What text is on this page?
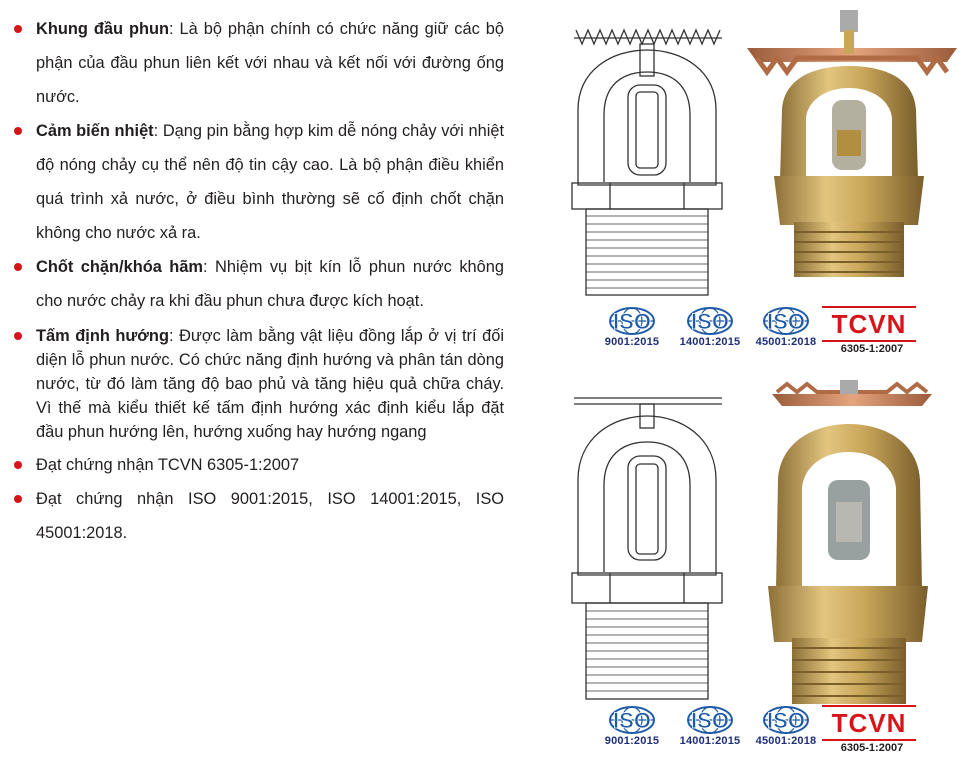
Khung đầu phun: Là bộ phận chính có chức năng giữ các bộ phận của đầu phun liên kết với nhau và kết nối với đường ống nước.
Cảm biến nhiệt: Dạng pin bằng hợp kim dễ nóng chảy với nhiệt độ nóng chảy cụ thể nên độ tin cậy cao. Là bộ phận điều khiển quá trình xả nước, ở điều bình thường sẽ cố định chốt chặn không cho nước xả ra.
Chốt chặn/khóa hãm: Nhiệm vụ bịt kín lỗ phun nước không cho nước chảy ra khi đầu phun chưa được kích hoạt.
Tấm định hướng: Được làm bằng vật liệu đồng lắp ở vị trí đối diện lỗ phun nước. Có chức năng định hướng và phân tán dòng nước, từ đó làm tăng độ bao phủ và tăng hiệu quả chữa cháy. Vì thế mà kiểu thiết kế tấm định hướng xác định kiểu lắp đặt đầu phun hướng lên, hướng xuống hay hướng ngang
Đạt chứng nhận TCVN 6305-1:2007
Đạt chứng nhận ISO 9001:2015, ISO 14001:2015, ISO 45001:2018.
ISO
9001:2015
ISO
14001:2015
ISO
45001:2018
TCVN
6305-1:2007
ISO
9001:2015
ISO
14001:2015
ISO
45001:2018
TCVN
6305-1:2007
